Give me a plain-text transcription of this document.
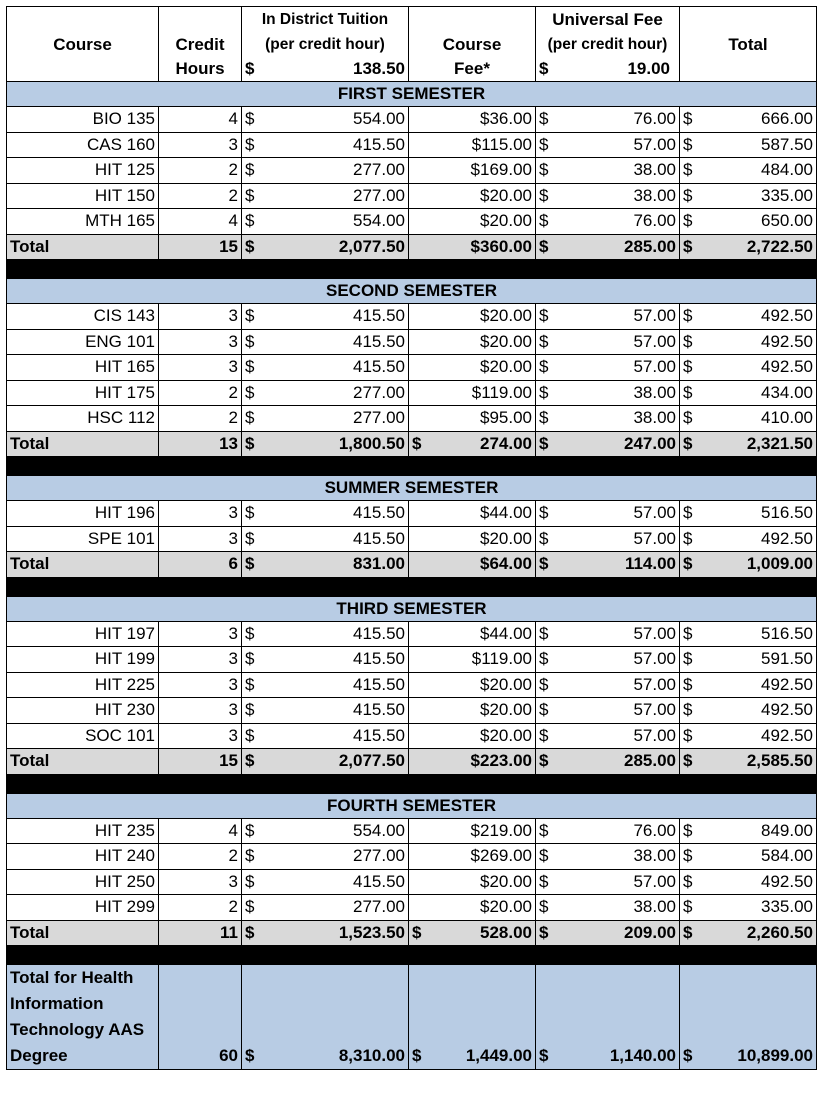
		In District Tuition		Universal Fee	
Course	Credit	(per credit hour)	Course	(per credit hour)	Total
	Hours	$ 138.50	Fee*	$ 19.00	

FIRST SEMESTER					
BIO 135	4	$ 554.00	$36.00	$ 76.00	$ 666.00

CAS 160	3	$ 415.50	$115.00	$ 57.00	$ 587.50

HIT 125	2	$ 277.00	$169.00	$ 38.00	$ 484.00

HIT 150	2	$ 277.00	$20.00	$ 38.00	$ 335.00

MTH 165	4	$ 554.00	$20.00	$ 76.00	$ 650.00

Total	15	$ 2,077.50	$360.00	$ 285.00	$ 2,722.50

SECOND SEMESTER					
CIS 143	3	$ 415.50	$20.00	$ 57.00	$ 492.50

ENG 101	3	$ 415.50	$20.00	$ 57.00	$ 492.50

HIT 165	3	$ 415.50	$20.00	$ 57.00	$ 492.50

HIT 175	2	$ 277.00	$119.00	$ 38.00	$ 434.00

HSC 112	2	$ 277.00	$95.00	$ 38.00	$ 410.00

Total	13	$ 1,800.50	$ 274.00	$ 247.00	$ 2,321.50

SUMMER SEMESTER					
HIT 196	3	$ 415.50	$44.00	$ 57.00	$ 516.50

SPE 101	3	$ 415.50	$20.00	$ 57.00	$ 492.50

Total	6	$ 831.00	$64.00	$ 114.00	$ 1,009.00

THIRD SEMESTER					
HIT 197	3	$ 415.50	$44.00	$ 57.00	$ 516.50

HIT 199	3	$ 415.50	$119.00	$ 57.00	$ 591.50

HIT 225	3	$ 415.50	$20.00	$ 57.00	$ 492.50

HIT 230	3	$ 415.50	$20.00	$ 57.00	$ 492.50

SOC 101	3	$ 415.50	$20.00	$ 57.00	$ 492.50

Total	15	$ 2,077.50	$223.00	$ 285.00	$ 2,585.50

FOURTH SEMESTER					
HIT 235	4	$ 554.00	$219.00	$ 76.00	$ 849.00

HIT 240	2	$ 277.00	$269.00	$ 38.00	$ 584.00

HIT 250	3	$ 415.50	$20.00	$ 57.00	$ 492.50

HIT 299	2	$ 277.00	$20.00	$ 38.00	$ 335.00

Total	11	$ 1,523.50	$ 528.00	$ 209.00	$ 2,260.50

Total for Health Information Technology AAS Degree	60	$ 8,310.00	$ 1,449.00	$ 1,140.00	$ 10,899.00
